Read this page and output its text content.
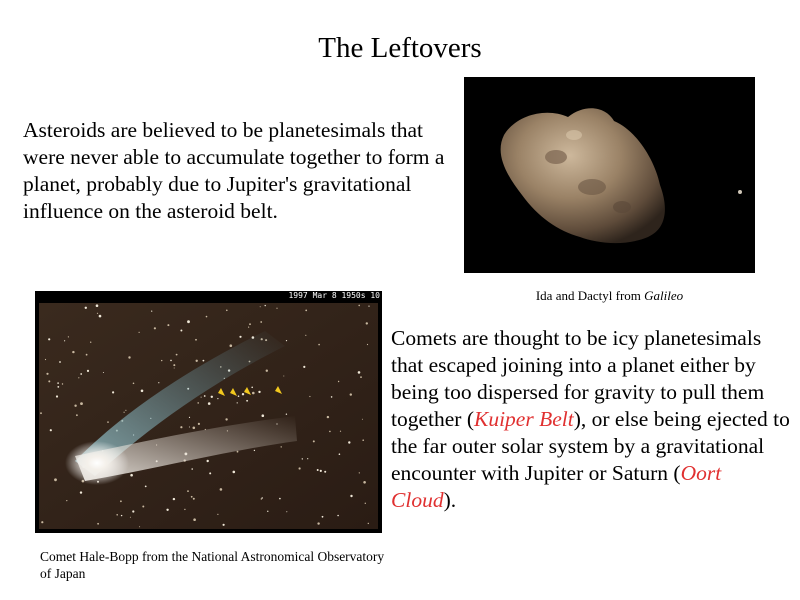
The Leftovers
Asteroids are believed to be planetesimals that were never able to accumulate together to form a planet, probably due to Jupiter's gravitational influence on the asteroid belt.
Ida and Dactyl from Galileo
1997 Mar 8 1950s 10
Comet Hale-Bopp from the National Astronomical Observatory of Japan
Comets are thought to be icy planetesimals that escaped joining into a planet either by being too dispersed for gravity to pull them together (Kuiper Belt), or else being ejected to the far outer solar system by a gravitational encounter with Jupiter or Saturn (Oort Cloud).
